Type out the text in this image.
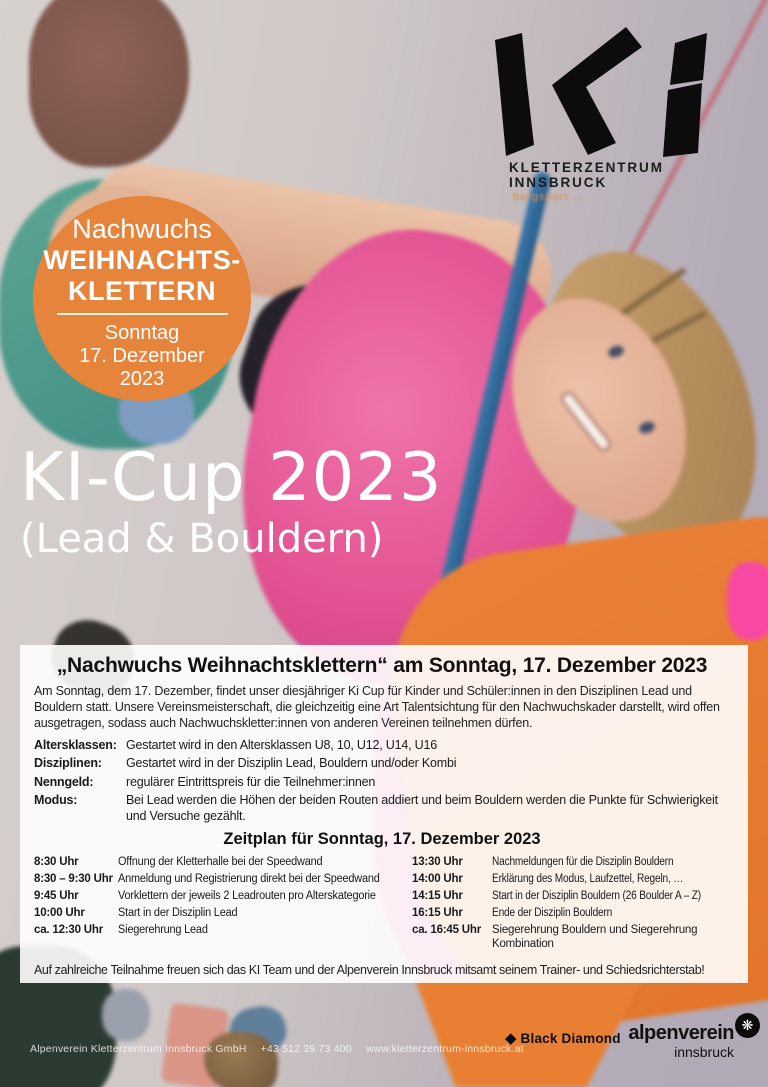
KLETTERZENTRUM INNSBRUCK
bergsport …
Nachwuchs
WEIHNACHTS-
KLETTERN
Sonntag
17. Dezember
2023
KI-Cup 2023
(Lead & Bouldern)
„Nachwuchs Weihnachtsklettern“ am Sonntag, 17. Dezember 2023
Am Sonntag, dem 17. Dezember, findet unser diesjähriger Ki Cup für Kinder und Schüler:innen in den Disziplinen Lead und Bouldern statt. Unsere Vereinsmeisterschaft, die gleichzeitig eine Art Talentsichtung für den Nachwuchskader darstellt, wird offen ausgetragen, sodass auch Nachwuchskletter:innen von anderen Vereinen teilnehmen dürfen.
Altersklassen: Gestartet wird in den Altersklassen U8, 10, U12, U14, U16
Disziplinen:	Gestartet wird in der Disziplin Lead, Bouldern und/oder Kombi
Nenngeld:	regulärer Eintrittspreis für die Teilnehmer:innen
Modus:	Bei Lead werden die Höhen der beiden Routen addiert und beim Bouldern werden die Punkte für Schwierigkeit und Versuche gezählt.
Zeitplan für Sonntag, 17. Dezember 2023
8:30 Uhr	Öffnung der Kletterhalle bei der Speedwand
8:30 – 9:30 Uhr Anmeldung und Registrierung direkt bei der Speedwand
9:45 Uhr	Vorklettern der jeweils 2 Leadrouten pro Alterskategorie
10:00 Uhr	Start in der Disziplin Lead
ca. 12:30 Uhr	Siegerehrung Lead
13:30 Uhr	Nachmeldungen für die Disziplin Bouldern
14:00 Uhr	Erklärung des Modus, Laufzettel, Regeln, …
14:15 Uhr	Start in der Disziplin Bouldern (26 Boulder A – Z)
16:15 Uhr	Ende der Disziplin Bouldern
ca. 16:45 Uhr Siegerehrung Bouldern und Siegerehrung Kombination
Auf zahlreiche Teilnahme freuen sich das KI Team und der Alpenverein Innsbruck mitsamt seinem Trainer- und Schiedsrichterstab!
Alpenverein Kletterzentrum Innsbruck GmbH +43 512 39 73 400 www.kletterzentrum-innsbruck.at
◆ Black Diamond alpenverein
innsbruck
❋
